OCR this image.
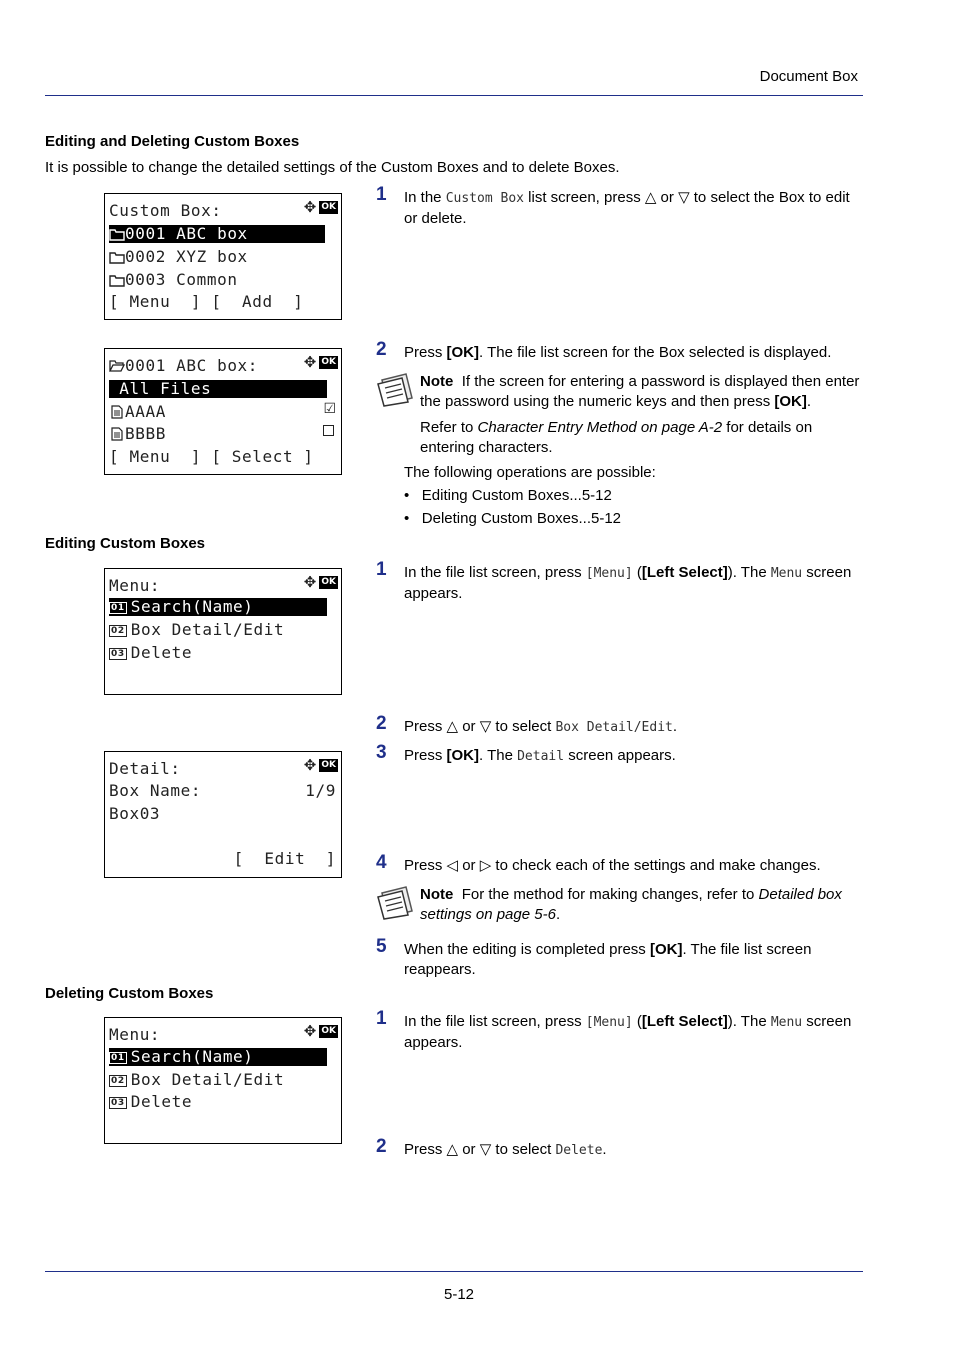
Document Box
Editing and Deleting Custom Boxes
It is possible to change the detailed settings of the Custom Boxes and to delete Boxes.
Custom Box:	✥ OK
0001 ABC box
0002 XYZ box
0003 Common
[ Menu  ] [  Add  ]
0001 ABC box:	✥ OK
All Files
AAAA	☑
BBBB
[ Menu  ] [ Select ]
1 In the Custom Box list screen, press △ or ▽ to select the Box to edit or delete.
2 Press [OK]. The file list screen for the Box selected is displayed.
Note If the screen for entering a password is displayed then enter the password using the numeric keys and then press [OK].
Refer to Character Entry Method on page A-2 for details on entering characters.
The following operations are possible:
•   Editing Custom Boxes...5-12
•   Deleting Custom Boxes...5-12
Editing Custom Boxes
Menu:	✥ OK
01 Search(Name)
02 Box Detail/Edit
03 Delete
Detail:	✥ OK
Box Name:	1/9
Box03
[  Edit  ]
1 In the file list screen, press [Menu] ([Left Select]). The Menu screen appears.
2 Press △ or ▽ to select Box Detail/Edit.
3 Press [OK]. The Detail screen appears.
4 Press ◁ or ▷ to check each of the settings and make changes.
Note For the method for making changes, refer to Detailed box settings on page 5-6.
5 When the editing is completed press [OK]. The file list screen reappears.
Deleting Custom Boxes
Menu:	✥ OK
01 Search(Name)
02 Box Detail/Edit
03 Delete
1 In the file list screen, press [Menu] ([Left Select]). The Menu screen appears.
2 Press △ or ▽ to select Delete.
5-12
